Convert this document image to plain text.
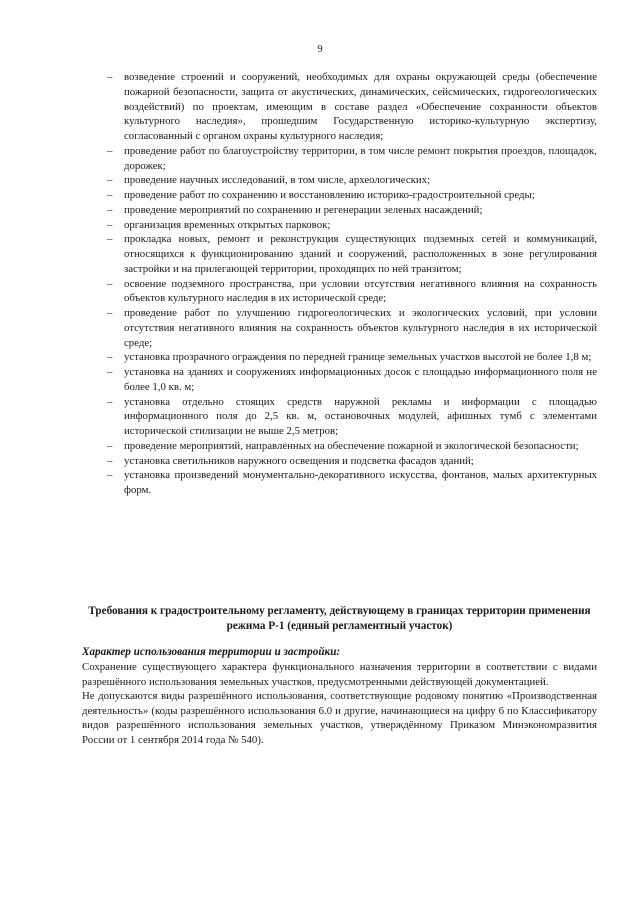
9
– возведение строений и сооружений, необходимых для охраны окружающей среды (обеспечение пожарной безопасности, защита от акустических, динамических, сейсмических, гидрогеологических воздействий) по проектам, имеющим в составе раздел «Обеспечение сохранности объектов культурного наследия», прошедшим Государственную историко-культурную экспертизу, согласованный с органом охраны культурного наследия;
– проведение работ по благоустройству территории, в том числе ремонт покрытия проездов, площадок, дорожек;
– проведение научных исследований, в том числе, археологических;
– проведение работ по сохранению и восстановлению историко-градостроительной среды;
– проведение мероприятий по сохранению и регенерации зеленых насаждений;
– организация временных открытых парковок;
– прокладка новых, ремонт и реконструкция существующих подземных сетей и коммуникаций, относящихся к функционированию зданий и сооружений, расположенных в зоне регулирования застройки и на прилегающей территории, проходящих по ней транзитом;
– освоение подземного пространства, при условии отсутствия негативного влияния на сохранность объектов культурного наследия в их исторической среде;
– проведение работ по улучшению гидрогеологических и экологических условий, при условии отсутствия негативного влияния на сохранность объектов культурного наследия в их исторической среде;
– установка прозрачного ограждения по передней границе земельных участков высотой не более 1,8 м;
– установка на зданиях и сооружениях информационных досок с площадью информационного поля не более 1,0 кв. м;
– установка отдельно стоящих средств наружной рекламы и информации с площадью информационного поля до 2,5 кв. м, остановочных модулей, афишных тумб с элементами исторической стилизации не выше 2,5 метров;
– проведение мероприятий, направленных на обеспечение пожарной и экологической безопасности;
– установка светильников наружного освещения и подсветка фасадов зданий;
– установка произведений монументально-декоративного искусства, фонтанов, малых архитектурных форм.
Требования к градостроительному регламенту, действующему в границах территории применения режима Р-1 (единый регламентный участок)
Характер использования территории и застройки:

Сохранение существующего характера функционального назначения территории в соответствии с видами разрешённого использования земельных участков, предусмотренными действующей документацией.

Не допускаются виды разрешённого использования, соответствующие родовому понятию «Производственная деятельность» (коды разрешённого использования 6.0 и другие, начинающиеся на цифру 6 по Классификатору видов разрешённого использования земельных участков, утверждённому Приказом Минэкономразвития России от 1 сентября 2014 года № 540).
